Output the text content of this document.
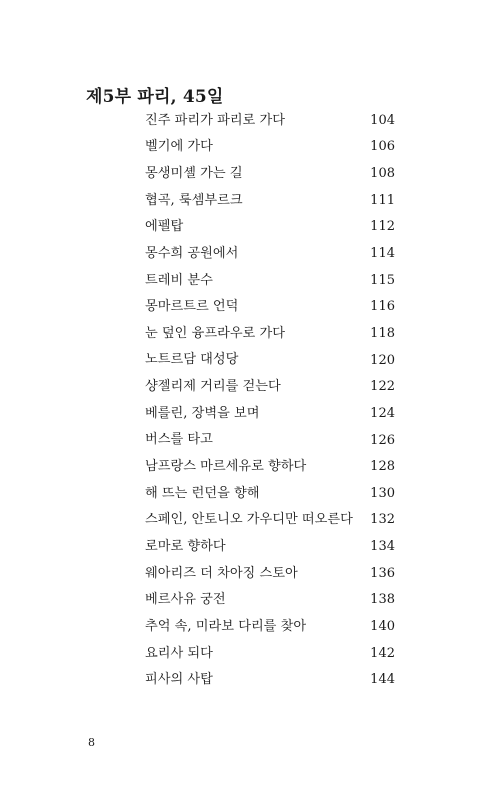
제5부 파리, 45일
진주 파리가 파리로 가다	104
벨기에 가다	106
몽생미셸 가는 길	108
협곡, 룩셈부르크	111
에펠탑	112
몽수희 공원에서	114
트레비 분수	115
몽마르트르 언덕	116
눈 덮인 융프라우로 가다	118
노트르담 대성당	120
샹젤리제 거리를 걷는다	122
베를린, 장벽을 보며	124
버스를 타고	126
남프랑스 마르세유로 향하다	128
해 뜨는 런던을 향해	130
스페인, 안토니오 가우디만 떠오른다 132
로마로 향하다	134
웨아리즈 더 차아징 스토아	136
베르사유 궁전	138
추억 속, 미라보 다리를 찾아	140
요리사 되다	142
피사의 사탑	144
8
